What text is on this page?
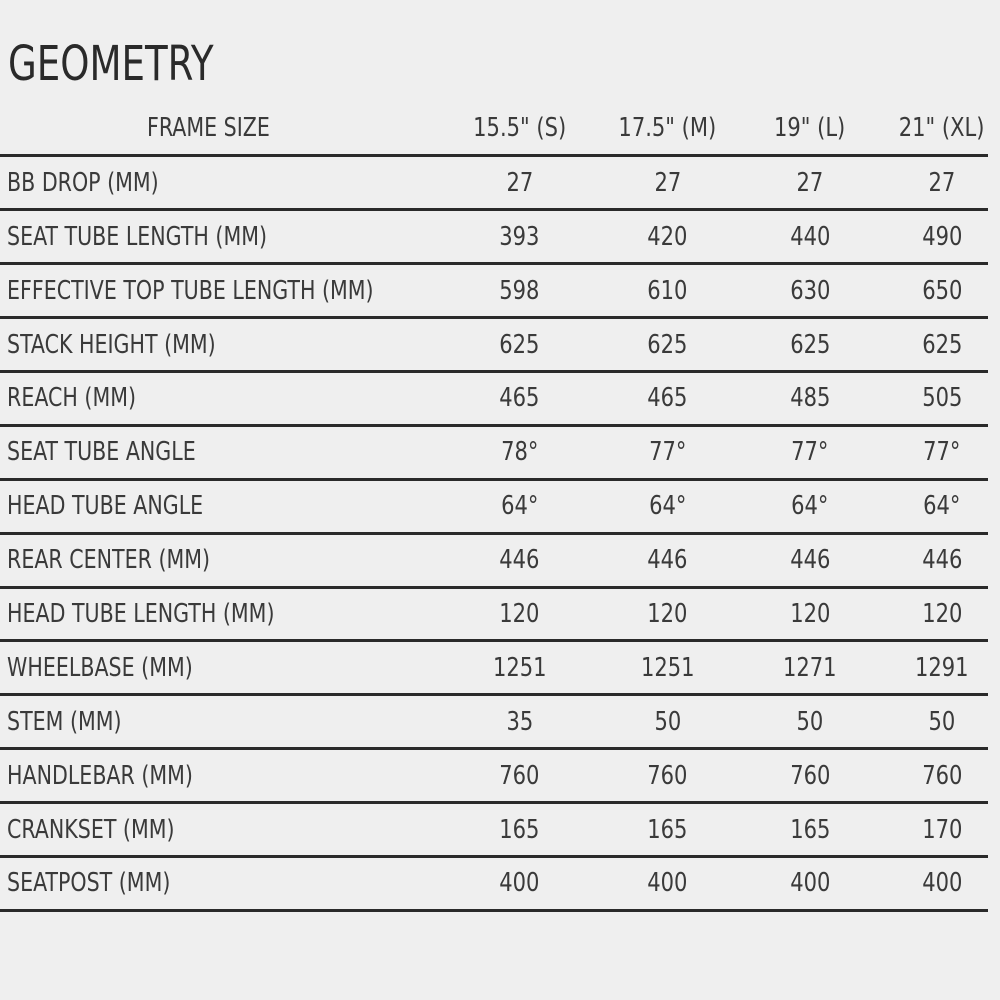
GEOMETRY
FRAME SIZE	15.5" (S)	17.5" (M)	19" (L)	21" (XL)
BB DROP (MM)	27	27	27	27
SEAT TUBE LENGTH (MM)	393	420	440	490
EFFECTIVE TOP TUBE LENGTH (MM)	598	610	630	650
STACK HEIGHT (MM)	625	625	625	625
REACH (MM)	465	465	485	505
SEAT TUBE ANGLE	78°	77°	77°	77°
HEAD TUBE ANGLE	64°	64°	64°	64°
REAR CENTER (MM)	446	446	446	446
HEAD TUBE LENGTH (MM)	120	120	120	120
WHEELBASE (MM)	1251	1251	1271	1291
STEM (MM)	35	50	50	50
HANDLEBAR (MM)	760	760	760	760
CRANKSET (MM)	165	165	165	170
SEATPOST (MM)	400	400	400	400
